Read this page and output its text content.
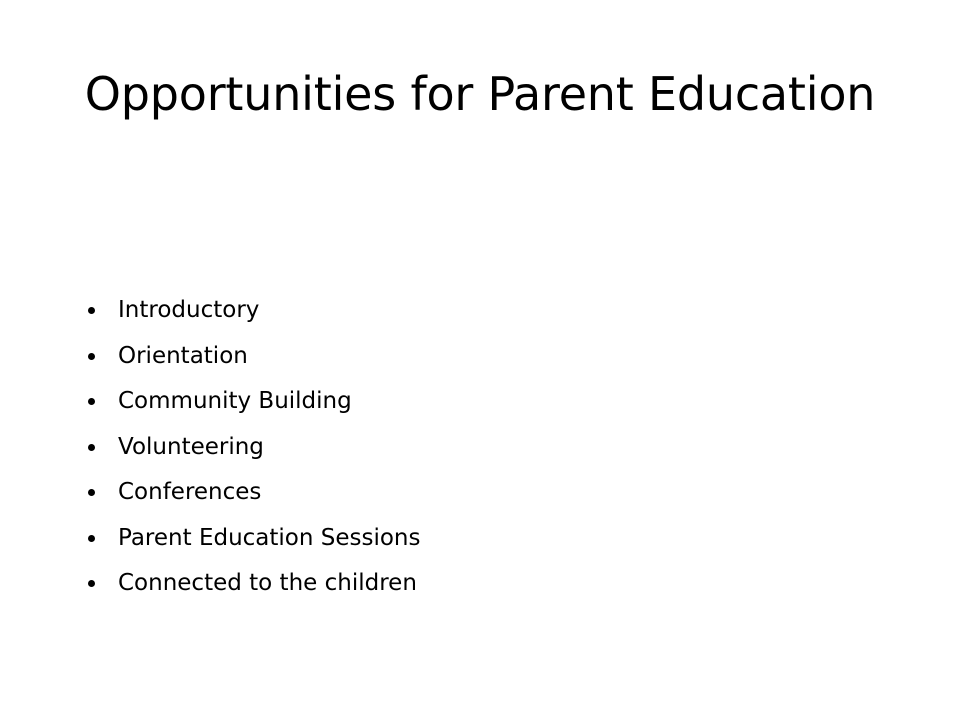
Opportunities for Parent Education
Introductory
Orientation
Community Building
Volunteering
Conferences
Parent Education Sessions
Connected to the children
